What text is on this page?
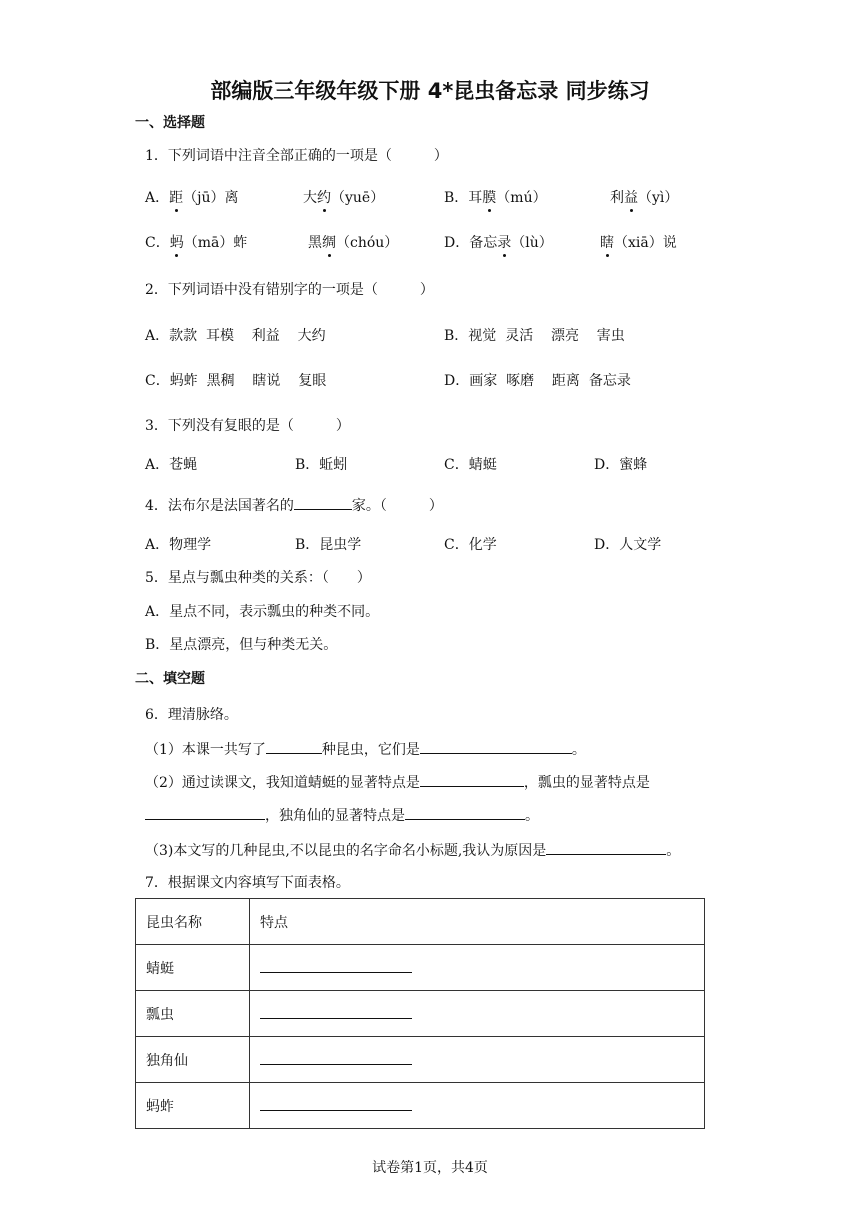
部编版三年级年级下册 4*昆虫备忘录 同步练习
一、选择题
1．下列词语中注音全部正确的一项是（　　　）
A．距（jū）离	大约（yuē）	B．耳膜（mú）	利益（yì）
C．蚂（mā）蚱	黑绸（chóu）	D．备忘录（lù）	瞎（xiā）说
2．下列词语中没有错别字的一项是（　　　）
A．款款  耳模    利益    大约	B．视觉  灵活    漂亮    害虫
C．蚂蚱  黑稠    瞎说    复眼	D．画家  啄磨    距离  备忘录
3．下列没有复眼的是（　　　）
A．苍蝇	B．蚯蚓	C．蜻蜓	D．蜜蜂
4．法布尔是法国著名的	家。（　　　）
A．物理学	B．昆虫学	C．化学	D．人文学
5．星点与瓢虫种类的关系：（　　）
A．星点不同，表示瓢虫的种类不同。
B．星点漂亮，但与种类无关。
二、填空题
6．理清脉络。
（1）本课一共写了	种昆虫，它们是	。
（2）通过读课文，我知道蜻蜓的显著特点是	，瓢虫的显著特点是
，独角仙的显著特点是	。
（3)本文写的几种昆虫,不以昆虫的名字命名小标题,我认为原因是	。
7．根据课文内容填写下面表格。
昆虫名称	特点
蜻蜓	
瓢虫	
独角仙	
蚂蚱	
试卷第1页，共4页
